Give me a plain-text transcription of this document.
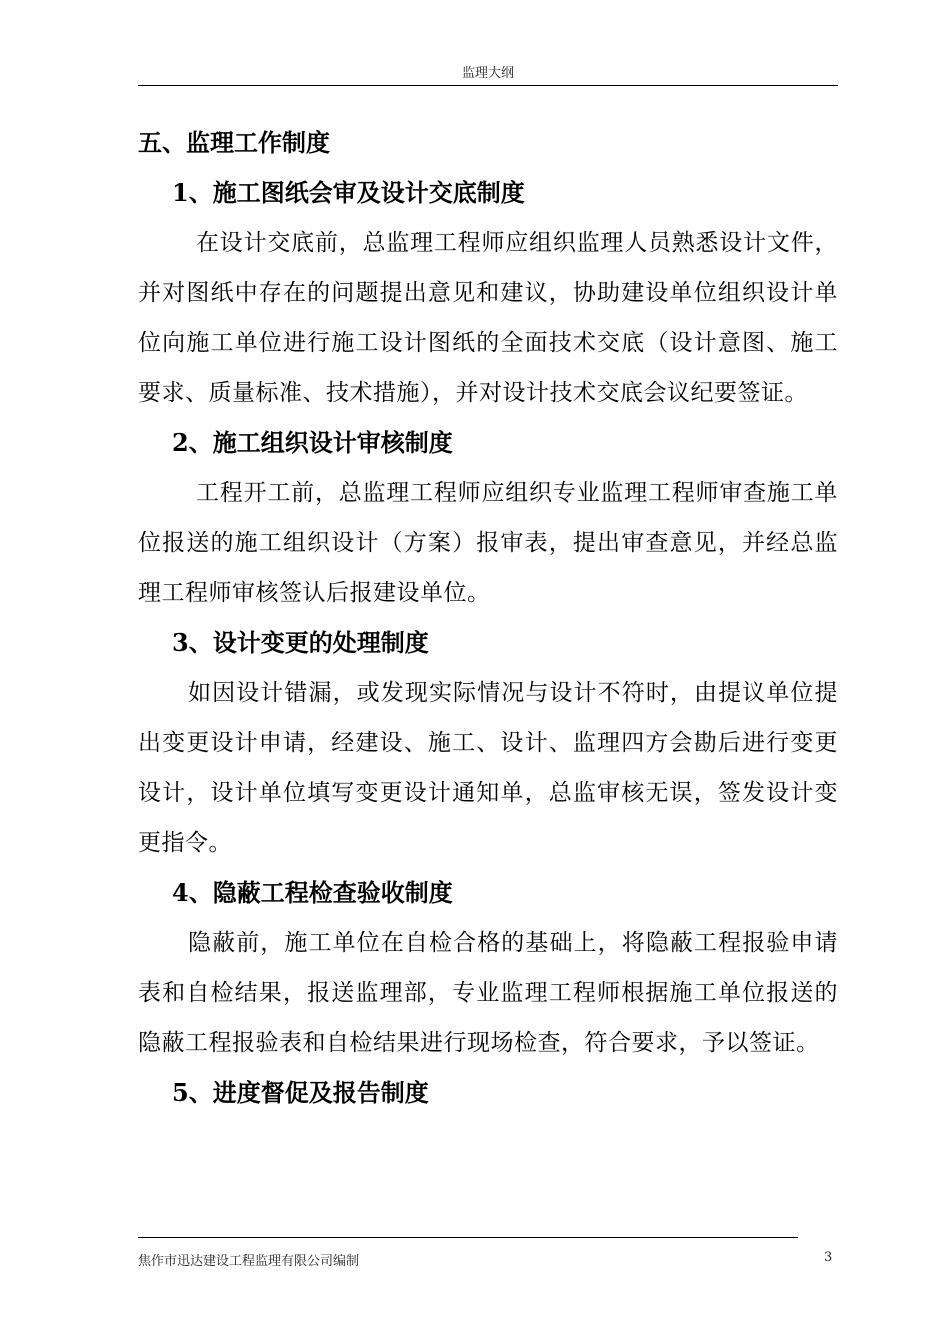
监理大纲

五、监理工作制度

1、施工图纸会审及设计交底制度

在设计交底前，总监理工程师应组织监理人员熟悉设计文件，并对图纸中存在的问题提出意见和建议，协助建设单位组织设计单位向施工单位进行施工设计图纸的全面技术交底（设计意图、施工要求、质量标准、技术措施），并对设计技术交底会议纪要签证。

2、施工组织设计审核制度

工程开工前，总监理工程师应组织专业监理工程师审查施工单位报送的施工组织设计（方案）报审表，提出审查意见，并经总监理工程师审核签认后报建设单位。

3、设计变更的处理制度

如因设计错漏，或发现实际情况与设计不符时，由提议单位提出变更设计申请，经建设、施工、设计、监理四方会勘后进行变更设计，设计单位填写变更设计通知单，总监审核无误，签发设计变更指令。

4、隐蔽工程检查验收制度

隐蔽前，施工单位在自检合格的基础上，将隐蔽工程报验申请表和自检结果，报送监理部，专业监理工程师根据施工单位报送的隐蔽工程报验表和自检结果进行现场检查，符合要求，予以签证。

5、进度督促及报告制度

焦作市迅达建设工程监理有限公司编制	3
